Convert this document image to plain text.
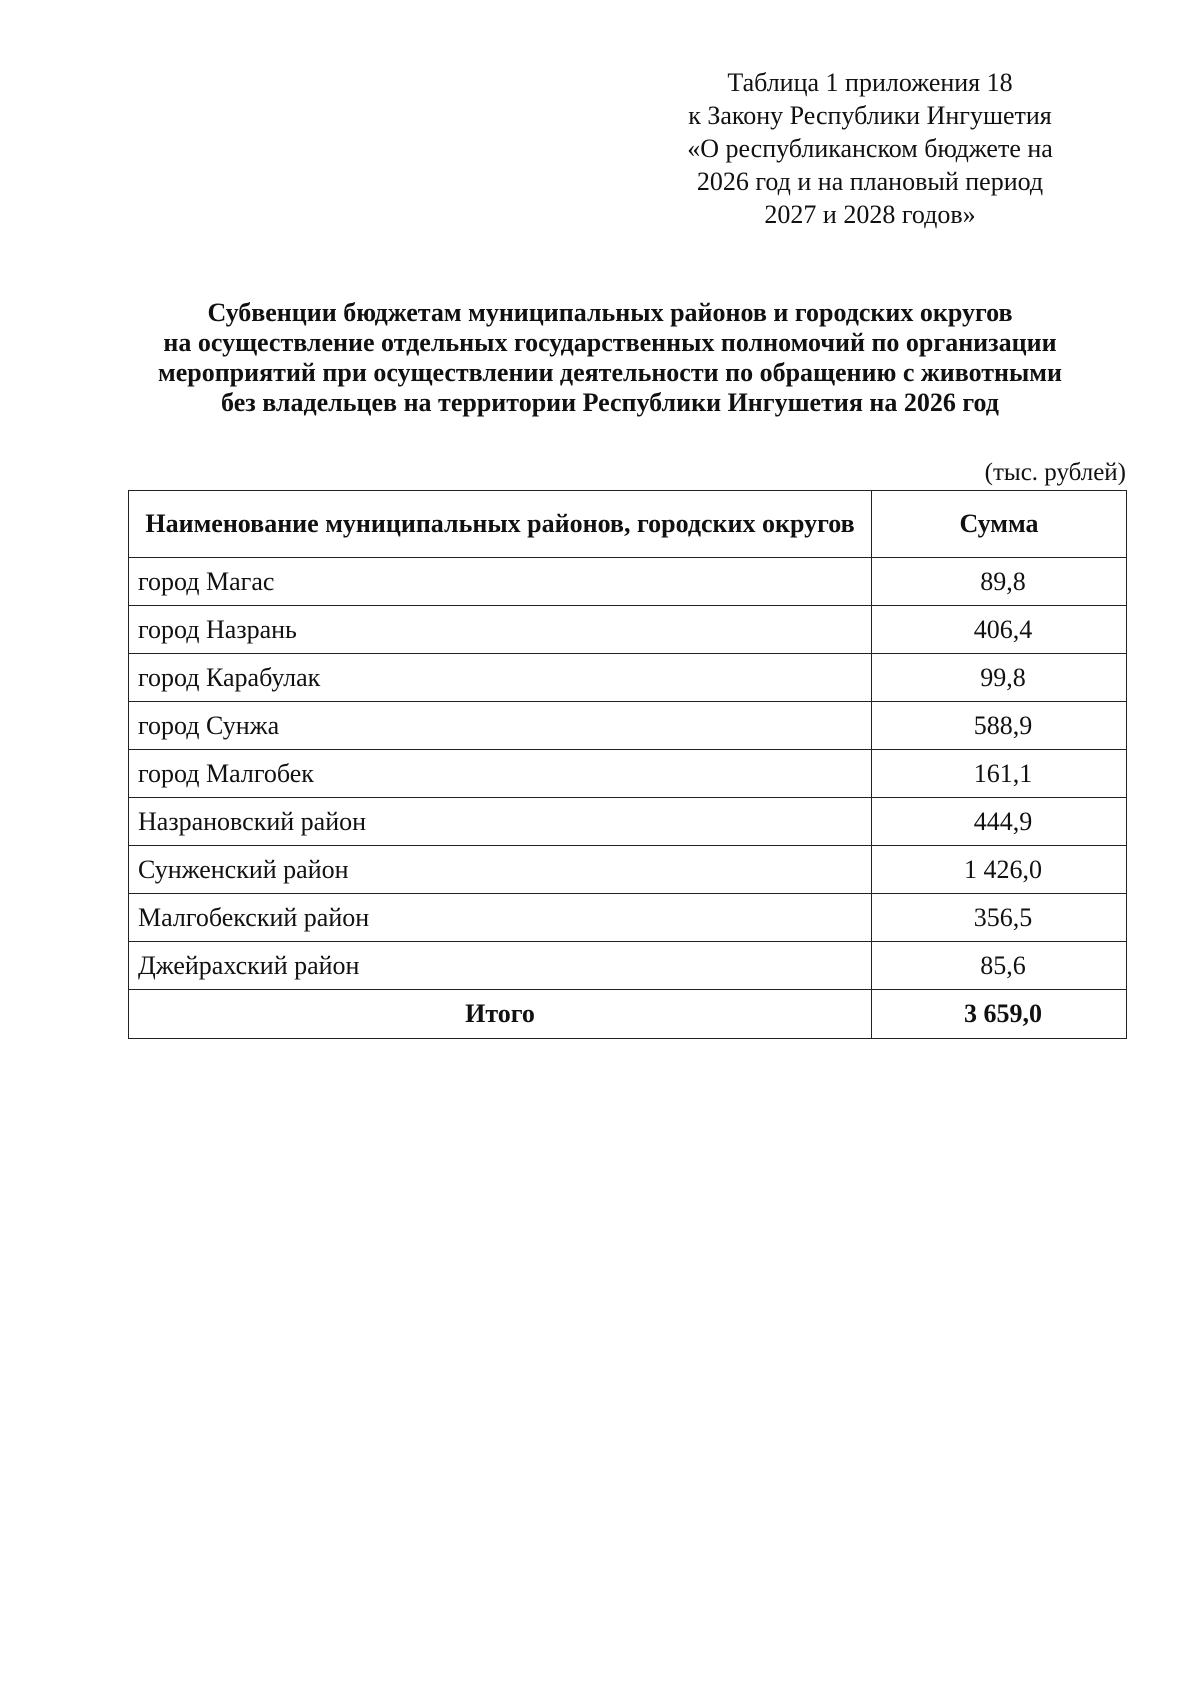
Таблица 1 приложения 18
к Закону Республики Ингушетия
«О республиканском бюджете на
2026 год и на плановый период
2027 и 2028 годов»
Субвенции бюджетам муниципальных районов и городских округов
на осуществление отдельных государственных полномочий по организации
мероприятий при осуществлении деятельности по обращению с животными
без владельцев на территории Республики Ингушетия на 2026 год
(тыс. рублей)
Наименование муниципальных районов, городских округов	Сумма
город Магас	89,8
город Назрань	406,4
город Карабулак	99,8
город Сунжа	588,9
город Малгобек	161,1
Назрановский район	444,9
Сунженский район	1 426,0
Малгобекский район	356,5
Джейрахский район	85,6
Итого	3 659,0
